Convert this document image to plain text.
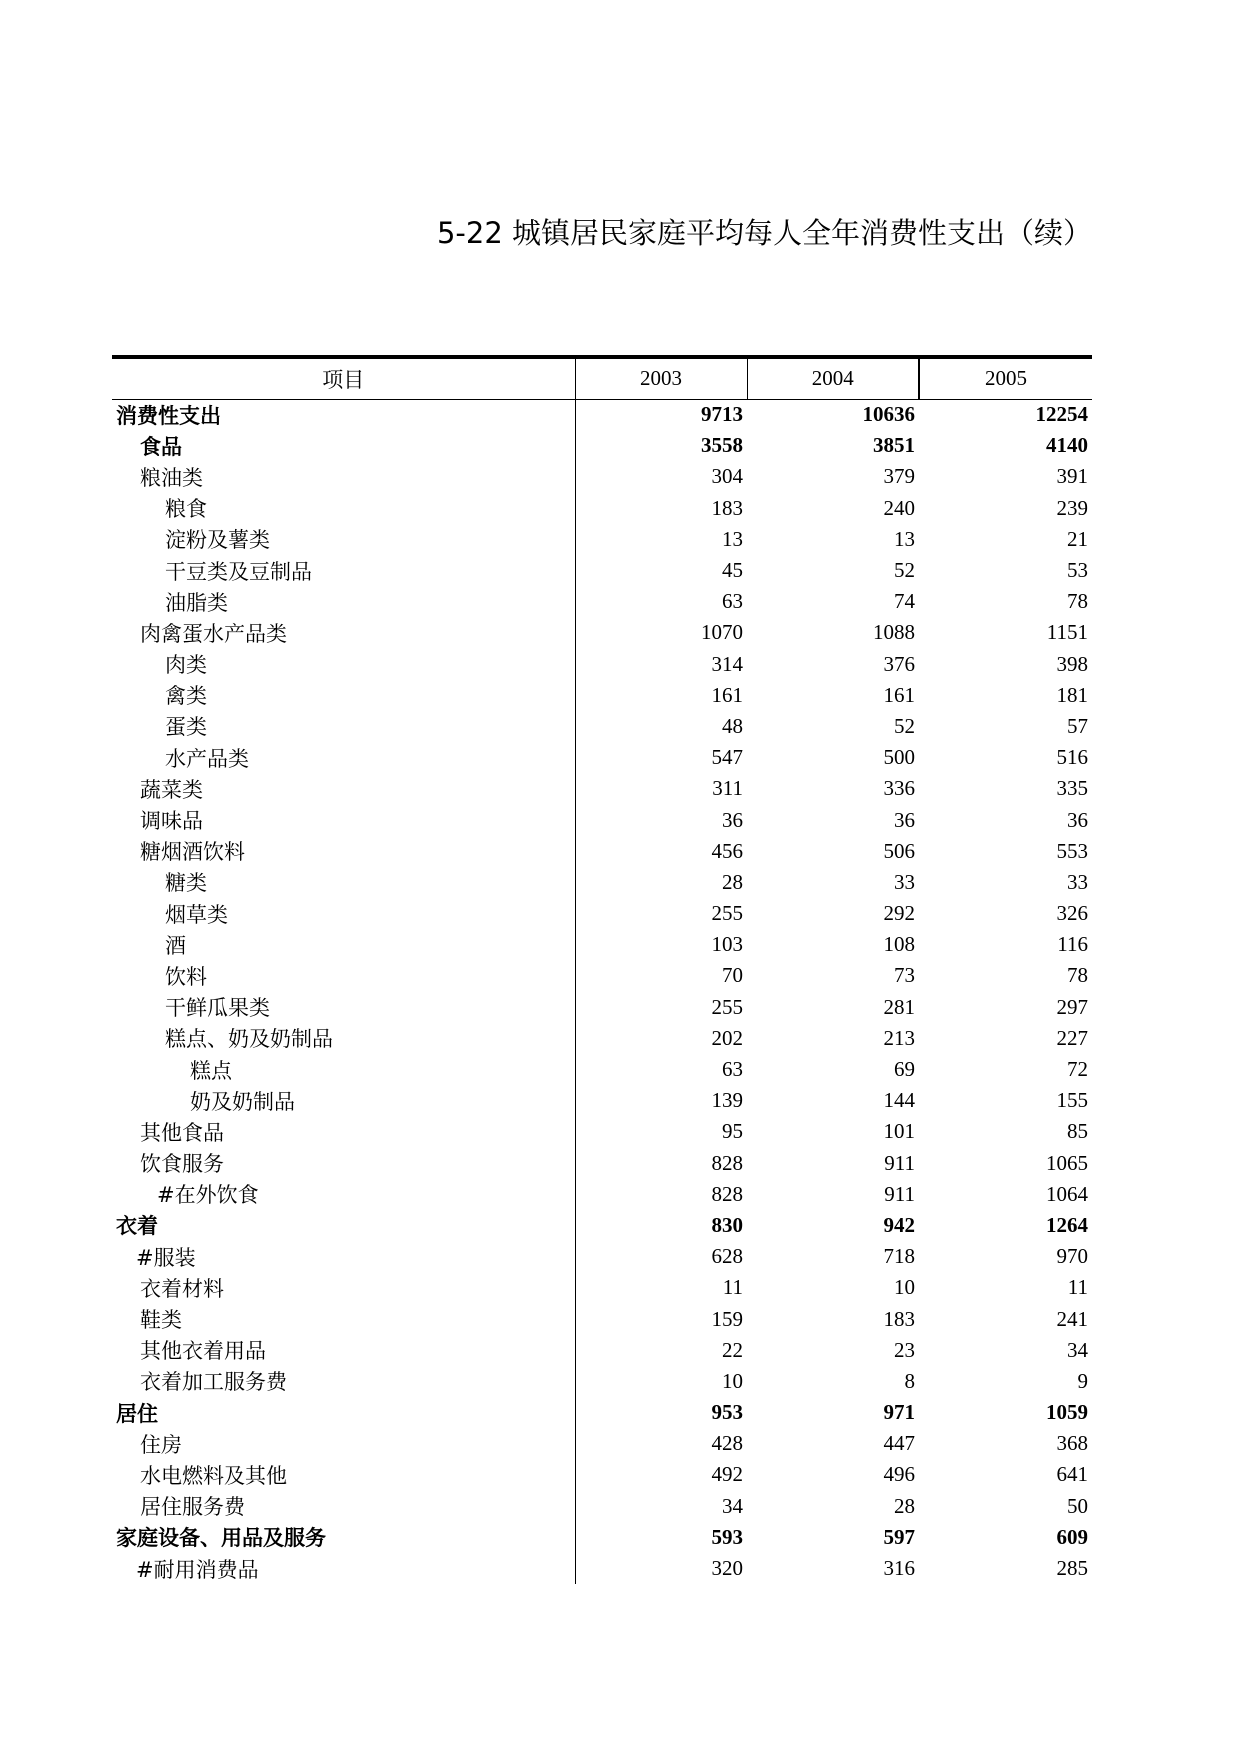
5-22 城镇居民家庭平均每人全年消费性支出（续）
项目	2003	2004	2005
消费性支出	9713	10636	12254
食品	3558	3851	4140
粮油类	304	379	391
粮食	183	240	239
淀粉及薯类	13	13	21
干豆类及豆制品	45	52	53
油脂类	63	74	78
肉禽蛋水产品类	1070	1088	1151
肉类	314	376	398
禽类	161	161	181
蛋类	48	52	57
水产品类	547	500	516
蔬菜类	311	336	335
调味品	36	36	36
糖烟酒饮料	456	506	553
糖类	28	33	33
烟草类	255	292	326
酒	103	108	116
饮料	70	73	78
干鲜瓜果类	255	281	297
糕点、奶及奶制品	202	213	227
糕点	63	69	72
奶及奶制品	139	144	155
其他食品	95	101	85
饮食服务	828	911	1065
#在外饮食	828	911	1064
衣着	830	942	1264
#服装	628	718	970
衣着材料	11	10	11
鞋类	159	183	241
其他衣着用品	22	23	34
衣着加工服务费	10	8	9
居住	953	971	1059
住房	428	447	368
水电燃料及其他	492	496	641
居住服务费	34	28	50
家庭设备、用品及服务	593	597	609
#耐用消费品	320	316	285
